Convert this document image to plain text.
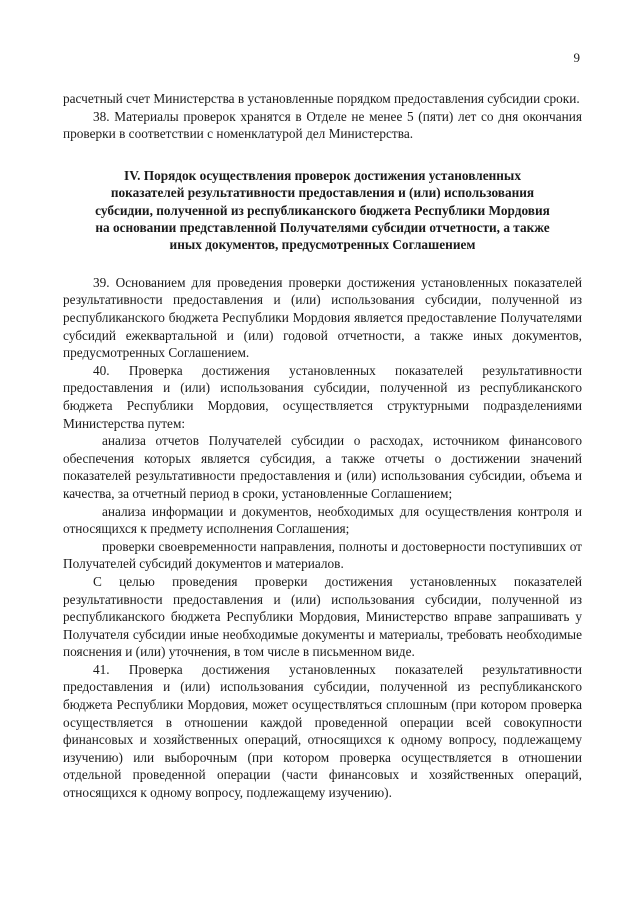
9

расчетный счет Министерства в установленные порядком предоставления субсидии сроки.

38. Материалы проверок хранятся в Отделе не менее 5 (пяти) лет со дня окончания проверки в соответствии с номенклатурой дел Министерства.

IV. Порядок осуществления проверок достижения установленных
показателей результативности предоставления и (или) использования
субсидии, полученной из республиканского бюджета Республики Мордовия
на основании представленной Получателями субсидии отчетности, а также
иных документов, предусмотренных Соглашением

39. Основанием для проведения проверки достижения установленных показателей результативности предоставления и (или) использования субсидии, полученной из республиканского бюджета Республики Мордовия является предоставление Получателями субсидий ежеквартальной и (или) годовой отчетности, а также иных документов, предусмотренных Соглашением.

40. Проверка достижения установленных показателей результативности предоставления и (или) использования субсидии, полученной из республиканского бюджета Республики Мордовия, осуществляется структурными подразделениями Министерства путем:

анализа отчетов Получателей субсидии о расходах, источником финансового обеспечения которых является субсидия, а также отчеты о достижении значений показателей результативности предоставления и (или) использования субсидии, объема и качества, за отчетный период в сроки, установленные Соглашением;

анализа информации и документов, необходимых для осуществления контроля и относящихся к предмету исполнения Соглашения;

проверки своевременности направления, полноты и достоверности поступивших от Получателей субсидий документов и материалов.

С целью проведения проверки достижения установленных показателей результативности предоставления и (или) использования субсидии, полученной из республиканского бюджета Республики Мордовия, Министерство вправе запрашивать у Получателя субсидии иные необходимые документы и материалы, требовать необходимые пояснения и (или) уточнения, в том числе в письменном виде.

41. Проверка достижения установленных показателей результативности предоставления и (или) использования субсидии, полученной из республиканского бюджета Республики Мордовия, может осуществляться сплошным (при котором проверка осуществляется в отношении каждой проведенной операции всей совокупности финансовых и хозяйственных операций, относящихся к одному вопросу, подлежащему изучению) или выборочным (при котором проверка осуществляется в отношении отдельной проведенной операции (части финансовых и хозяйственных операций, относящихся к одному вопросу, подлежащему изучению).
